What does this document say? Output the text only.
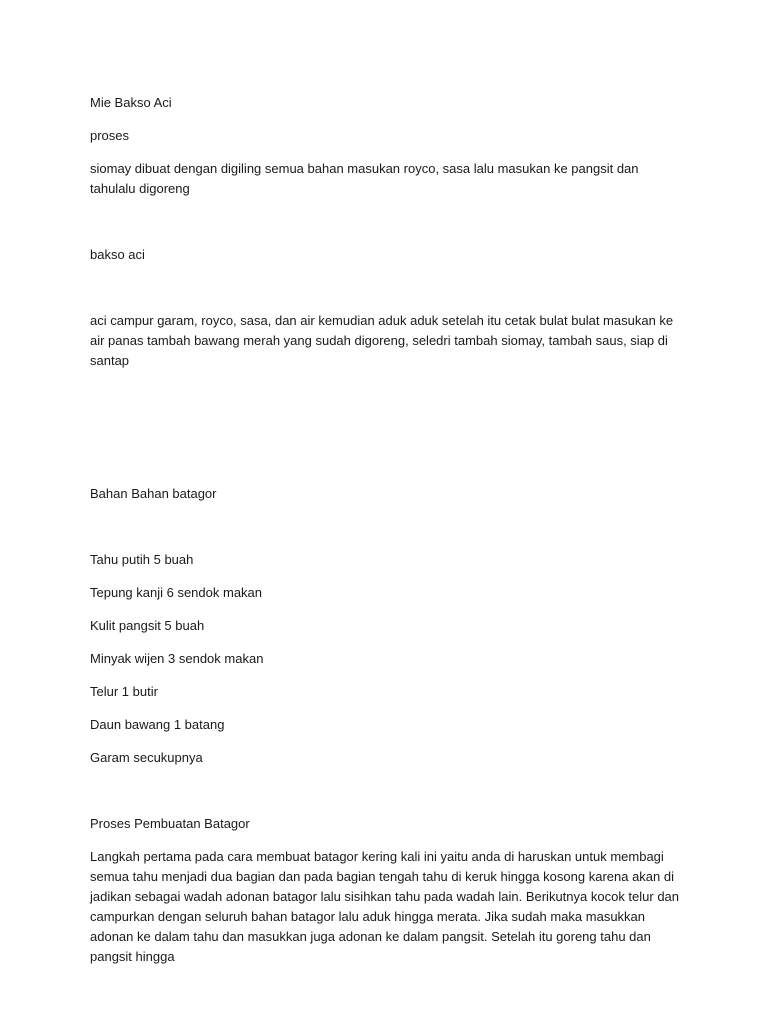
Mie Bakso Aci

proses

siomay dibuat dengan digiling semua bahan masukan royco, sasa lalu masukan ke pangsit dan tahulalu digoreng

bakso aci

aci campur garam, royco, sasa, dan air kemudian aduk aduk setelah itu cetak bulat bulat masukan ke air panas tambah bawang merah yang sudah digoreng, seledri tambah siomay, tambah saus, siap di santap

Bahan Bahan batagor

Tahu putih 5 buah
Tepung kanji 6 sendok makan
Kulit pangsit 5 buah
Minyak wijen 3 sendok makan
Telur 1 butir
Daun bawang 1 batang
Garam secukupnya

Proses Pembuatan Batagor

Langkah pertama pada cara membuat batagor kering kali ini yaitu anda di haruskan untuk membagi semua tahu menjadi dua bagian dan pada bagian tengah tahu di keruk hingga kosong karena akan di jadikan sebagai wadah adonan batagor lalu sisihkan tahu pada wadah lain. Berikutnya kocok telur dan campurkan dengan seluruh bahan batagor lalu aduk hingga merata. Jika sudah maka masukkan adonan ke dalam tahu dan masukkan juga adonan ke dalam pangsit. Setelah itu goreng tahu dan pangsit hingga
